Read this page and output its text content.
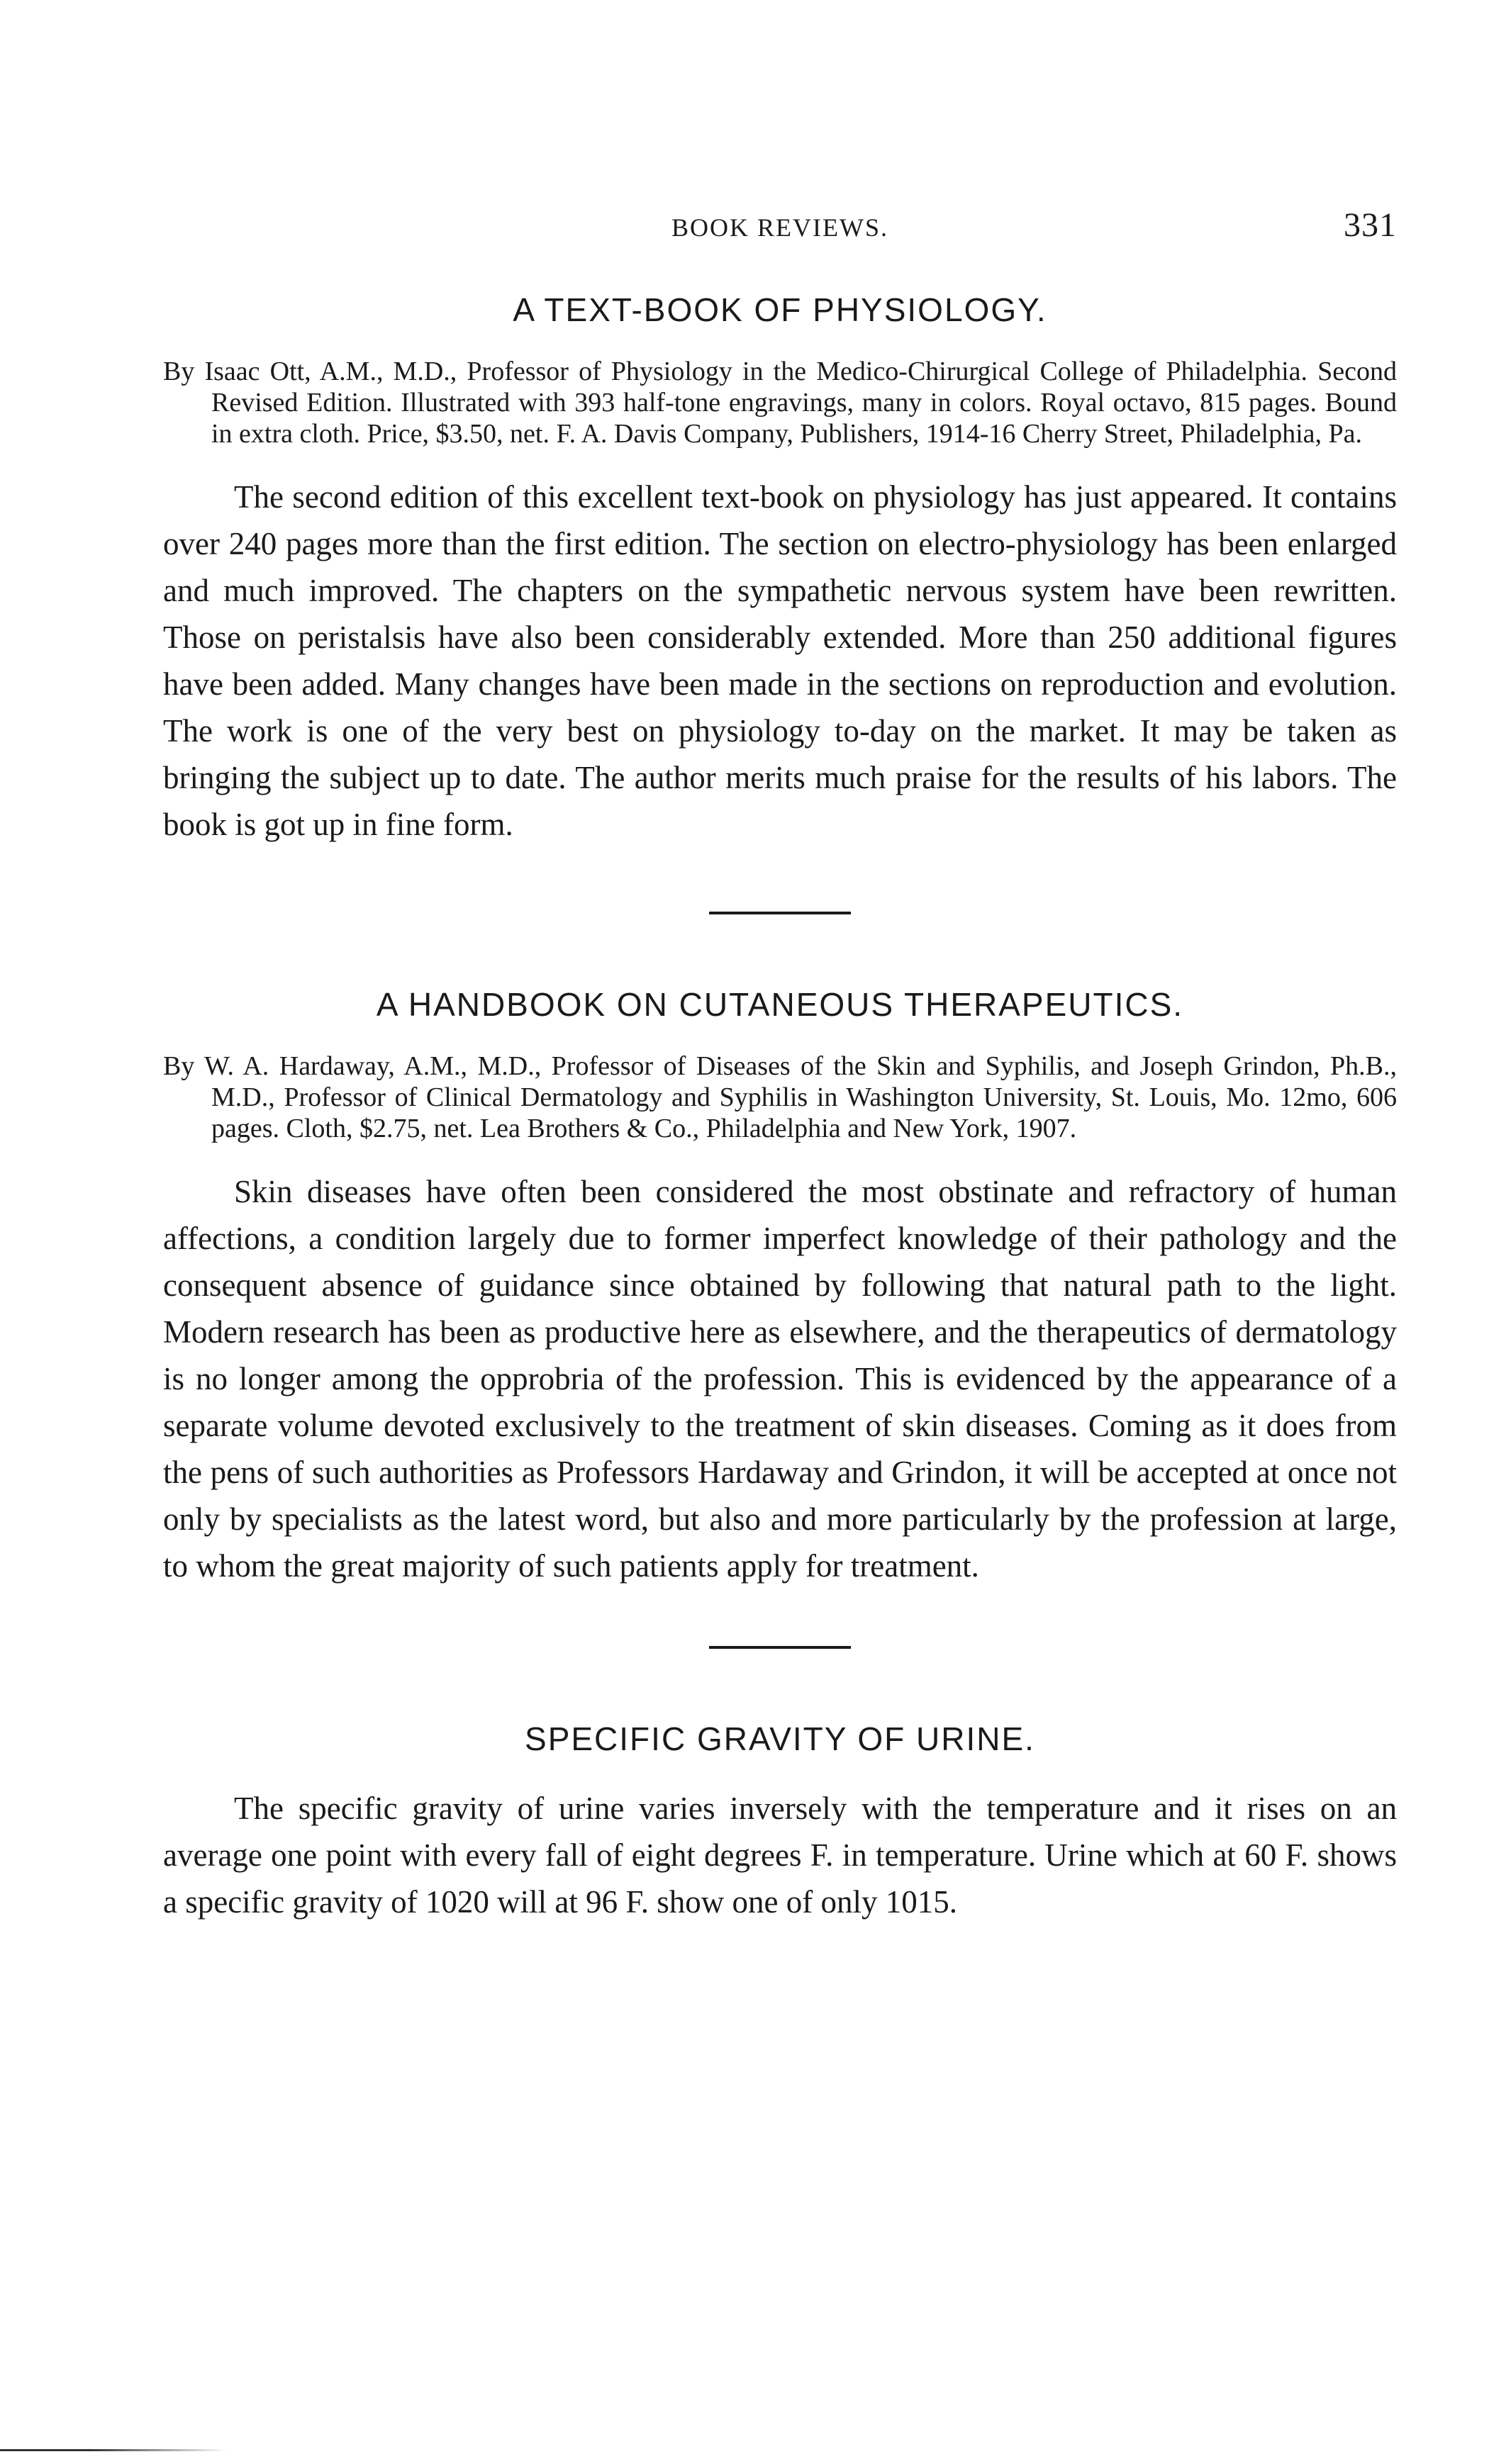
BOOK REVIEWS.	331
A TEXT-BOOK OF PHYSIOLOGY.

By Isaac Ott, A.M., M.D., Professor of Physiology in the Medico-Chirurgical College of Philadelphia. Second Revised Edition. Illustrated with 393 half-tone engravings, many in colors. Royal octavo, 815 pages. Bound in extra cloth. Price, $3.50, net. F. A. Davis Company, Publishers, 1914-16 Cherry Street, Philadelphia, Pa.

The second edition of this excellent text-book on physiology has just appeared. It contains over 240 pages more than the first edition. The section on electro-physiology has been enlarged and much improved. The chapters on the sympathetic nervous system have been rewritten. Those on peristalsis have also been considerably extended. More than 250 additional figures have been added. Many changes have been made in the sections on reproduction and evolution. The work is one of the very best on physiology to-day on the market. It may be taken as bringing the subject up to date. The author merits much praise for the results of his labors. The book is got up in fine form.

A HANDBOOK ON CUTANEOUS THERAPEUTICS.

By W. A. Hardaway, A.M., M.D., Professor of Diseases of the Skin and Syphilis, and Joseph Grindon, Ph.B., M.D., Professor of Clinical Dermatology and Syphilis in Washington University, St. Louis, Mo. 12mo, 606 pages. Cloth, $2.75, net. Lea Brothers & Co., Philadelphia and New York, 1907.

Skin diseases have often been considered the most obstinate and refractory of human affections, a condition largely due to former imperfect knowledge of their pathology and the consequent absence of guidance since obtained by following that natural path to the light. Modern research has been as productive here as elsewhere, and the therapeutics of dermatology is no longer among the opprobria of the profession. This is evidenced by the appearance of a separate volume devoted exclusively to the treatment of skin diseases. Coming as it does from the pens of such authorities as Professors Hardaway and Grindon, it will be accepted at once not only by specialists as the latest word, but also and more particularly by the profession at large, to whom the great majority of such patients apply for treatment.

SPECIFIC GRAVITY OF URINE.

The specific gravity of urine varies inversely with the temperature and it rises on an average one point with every fall of eight degrees F. in temperature. Urine which at 60 F. shows a specific gravity of 1020 will at 96 F. show one of only 1015.
